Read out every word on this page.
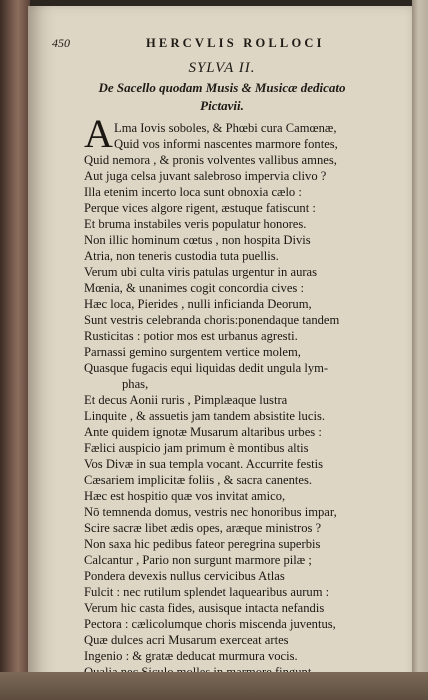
450	HERCVLIS ROLLOCI
SYLVA II.
De Sacello quodam Musis & Musicæ dedicato
Pictavii.
A Lma Iovis soboles, & Phœbi cura Camœnæ,
Quid vos informi nascentes marmore fontes,
Quid nemora , & pronis volventes vallibus amnes,
Aut juga celsa juvant salebroso impervia clivo ?
Illa etenim incerto loca sunt obnoxia cælo :
Perque vices algore rigent, æstuque fatiscunt :
Et bruma instabiles veris populatur honores.
Non illic hominum cœtus , non hospita Divis
Atria, non teneris custodia tuta puellis.
Verum ubi culta viris patulas urgentur in auras
Mœnia, & unanimes cogit concordia cives :
Hæc loca, Pierides , nulli inficianda Deorum,
Sunt vestris celebranda choris:ponendaque tandem
Rusticitas : potior mos est urbanus agresti.
Parnassi gemino surgentem vertice molem,
Quasque fugacis equi liquidas dedit ungula lym-
phas,
Et decus Aonii ruris , Pimplæaque lustra
Linquite , & assuetis jam tandem absistite lucis.
Ante quidem ignotæ Musarum altaribus urbes :
Fælici auspicio jam primum è montibus altis
Vos Divæ in sua templa vocant. Accurrite festis
Cæsariem implicitæ foliis , & sacra canentes.
Hæc est hospitio quæ vos invitat amico,
Nō temnenda domus, vestris nec honoribus impar,
Scire sacræ libet ædis opes, aræque ministros ?
Non saxa hic pedibus fateor peregrina superbis
Calcantur , Pario non surgunt marmore pilæ ;
Pondera devexis nullus cervicibus Atlas
Fulcit : nec rutilum splendet laquearibus aurum :
Verum hic casta fides, ausisque intacta nefandis
Pectora : cælicolumque choris miscenda juventus,
Quæ dulces acri Musarum exerceat artes
Ingenio : & gratæ deducat murmura vocis.
